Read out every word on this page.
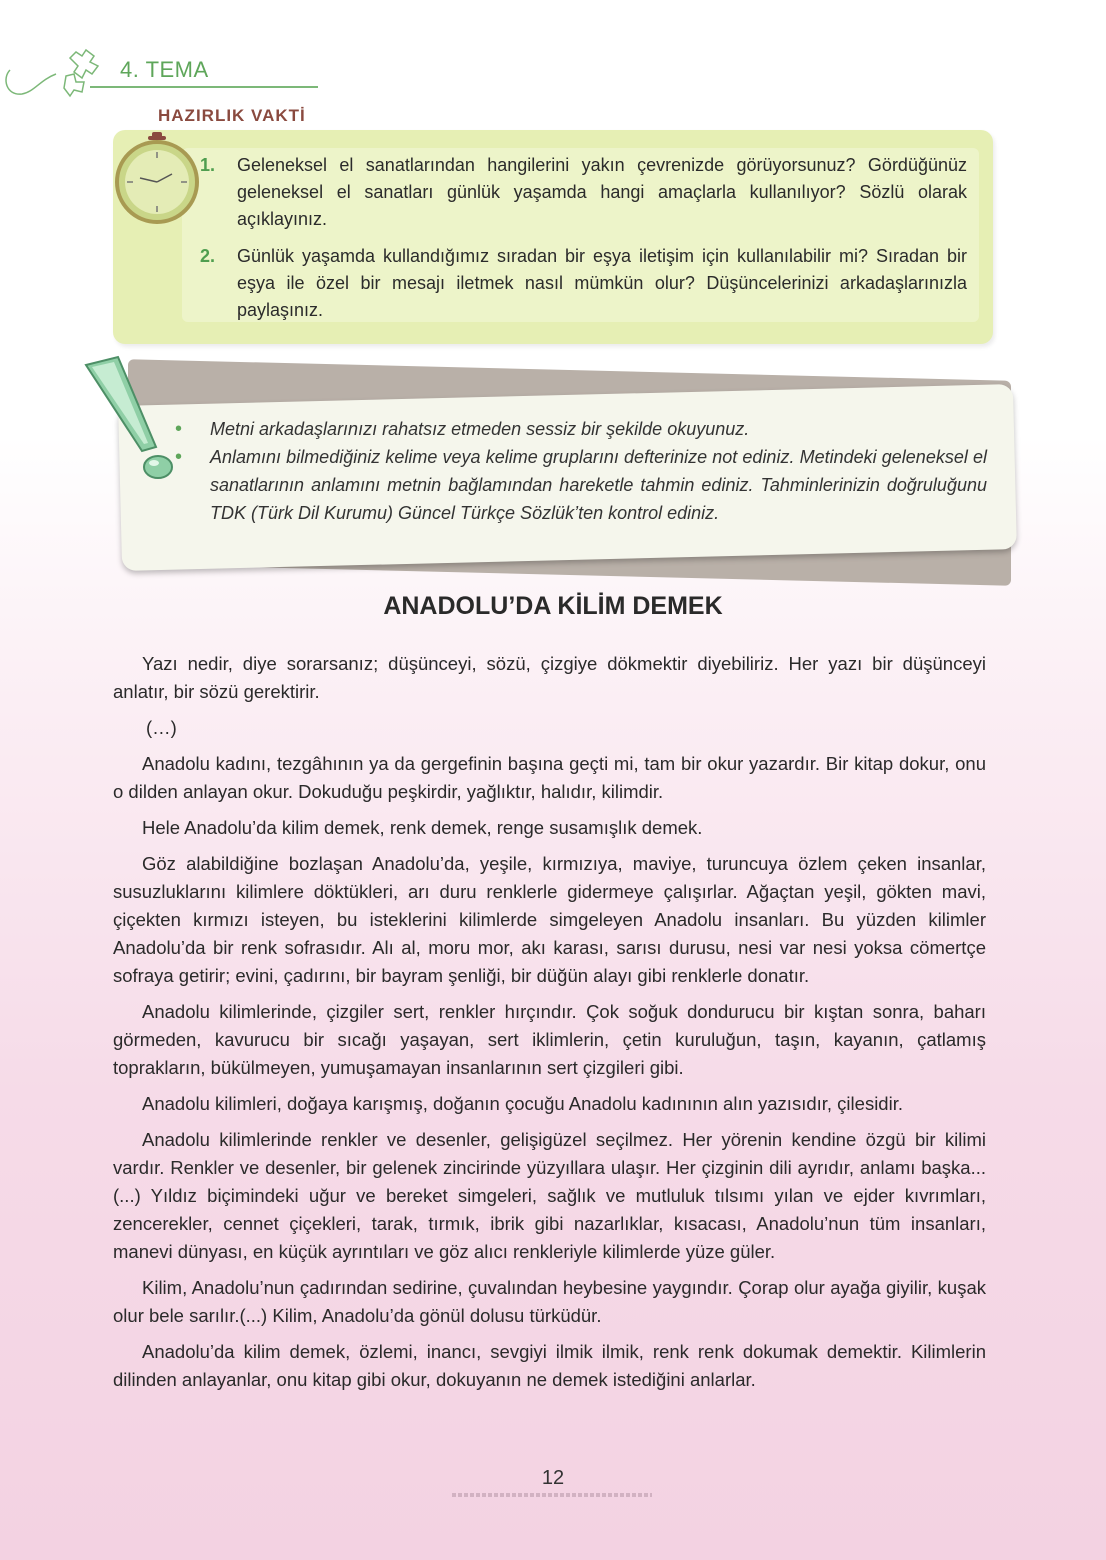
4. TEMA
HAZIRLIK VAKTİ
1. Geleneksel el sanatlarından hangilerini yakın çevrenizde görüyorsunuz? Gördüğünüz geleneksel el sanatları günlük yaşamda hangi amaçlarla kullanılıyor? Sözlü olarak açıklayınız.
2. Günlük yaşamda kullandığımız sıradan bir eşya iletişim için kullanılabilir mi? Sıradan bir eşya ile özel bir mesajı iletmek nasıl mümkün olur? Düşüncelerinizi arkadaşlarınızla paylaşınız.
• Metni arkadaşlarınızı rahatsız etmeden sessiz bir şekilde okuyunuz.
• Anlamını bilmediğiniz kelime veya kelime gruplarını defterinize not ediniz. Metindeki geleneksel el sanatlarının anlamını metnin bağlamından hareketle tahmin ediniz. Tahminlerinizin doğruluğunu TDK (Türk Dil Kurumu) Güncel Türkçe Sözlük’ten kontrol ediniz.
ANADOLU’DA KİLİM DEMEK

Yazı nedir, diye sorarsanız; düşünceyi, sözü, çizgiye dökmektir diyebiliriz. Her yazı bir düşünceyi anlatır, bir sözü gerektirir.

(…)

Anadolu kadını, tezgâhının ya da gergefinin başına geçti mi, tam bir okur yazardır. Bir kitap dokur, onu o dilden anlayan okur. Dokuduğu peşkirdir, yağlıktır, halıdır, kilimdir.

Hele Anadolu’da kilim demek, renk demek, renge susamışlık demek.

Göz alabildiğine bozlaşan Anadolu’da, yeşile, kırmızıya, maviye, turuncuya özlem çeken insanlar, susuzluklarını kilimlere döktükleri, arı duru renklerle gidermeye çalışırlar. Ağaçtan yeşil, gökten mavi, çiçekten kırmızı isteyen, bu isteklerini kilimlerde simgeleyen Anadolu insanları. Bu yüzden kilimler Anadolu’da bir renk sofrasıdır. Alı al, moru mor, akı karası, sarısı durusu, nesi var nesi yoksa cömertçe sofraya getirir; evini, çadırını, bir bayram şenliği, bir düğün alayı gibi renklerle donatır.

Anadolu kilimlerinde, çizgiler sert, renkler hırçındır. Çok soğuk dondurucu bir kıştan sonra, baharı görmeden, kavurucu bir sıcağı yaşayan, sert iklimlerin, çetin kuruluğun, taşın, kayanın, çatlamış toprakların, bükülmeyen, yumuşamayan insanlarının sert çizgileri gibi.

Anadolu kilimleri, doğaya karışmış, doğanın çocuğu Anadolu kadınının alın yazısıdır, çilesidir.

Anadolu kilimlerinde renkler ve desenler, gelişigüzel seçilmez. Her yörenin kendine özgü bir kilimi vardır. Renkler ve desenler, bir gelenek zincirinde yüzyıllara ulaşır. Her çizginin dili ayrıdır, anlamı başka... (...) Yıldız biçimindeki uğur ve bereket simgeleri, sağlık ve mutluluk tılsımı yılan ve ejder kıvrımları, zencerekler, cennet çiçekleri, tarak, tırmık, ibrik gibi nazarlıklar, kısacası, Anadolu’nun tüm insanları, manevi dünyası, en küçük ayrıntıları ve göz alıcı renkleriyle kilimlerde yüze güler.

Kilim, Anadolu’nun çadırından sedirine, çuvalından heybesine yaygındır. Çorap olur ayağa giyilir, kuşak olur bele sarılır.(...) Kilim, Anadolu’da gönül dolusu türküdür.

Anadolu’da kilim demek, özlemi, inancı, sevgiyi ilmik ilmik, renk renk dokumak demektir. Kilimlerin dilinden anlayanlar, onu kitap gibi okur, dokuyanın ne demek istediğini anlarlar.

12
